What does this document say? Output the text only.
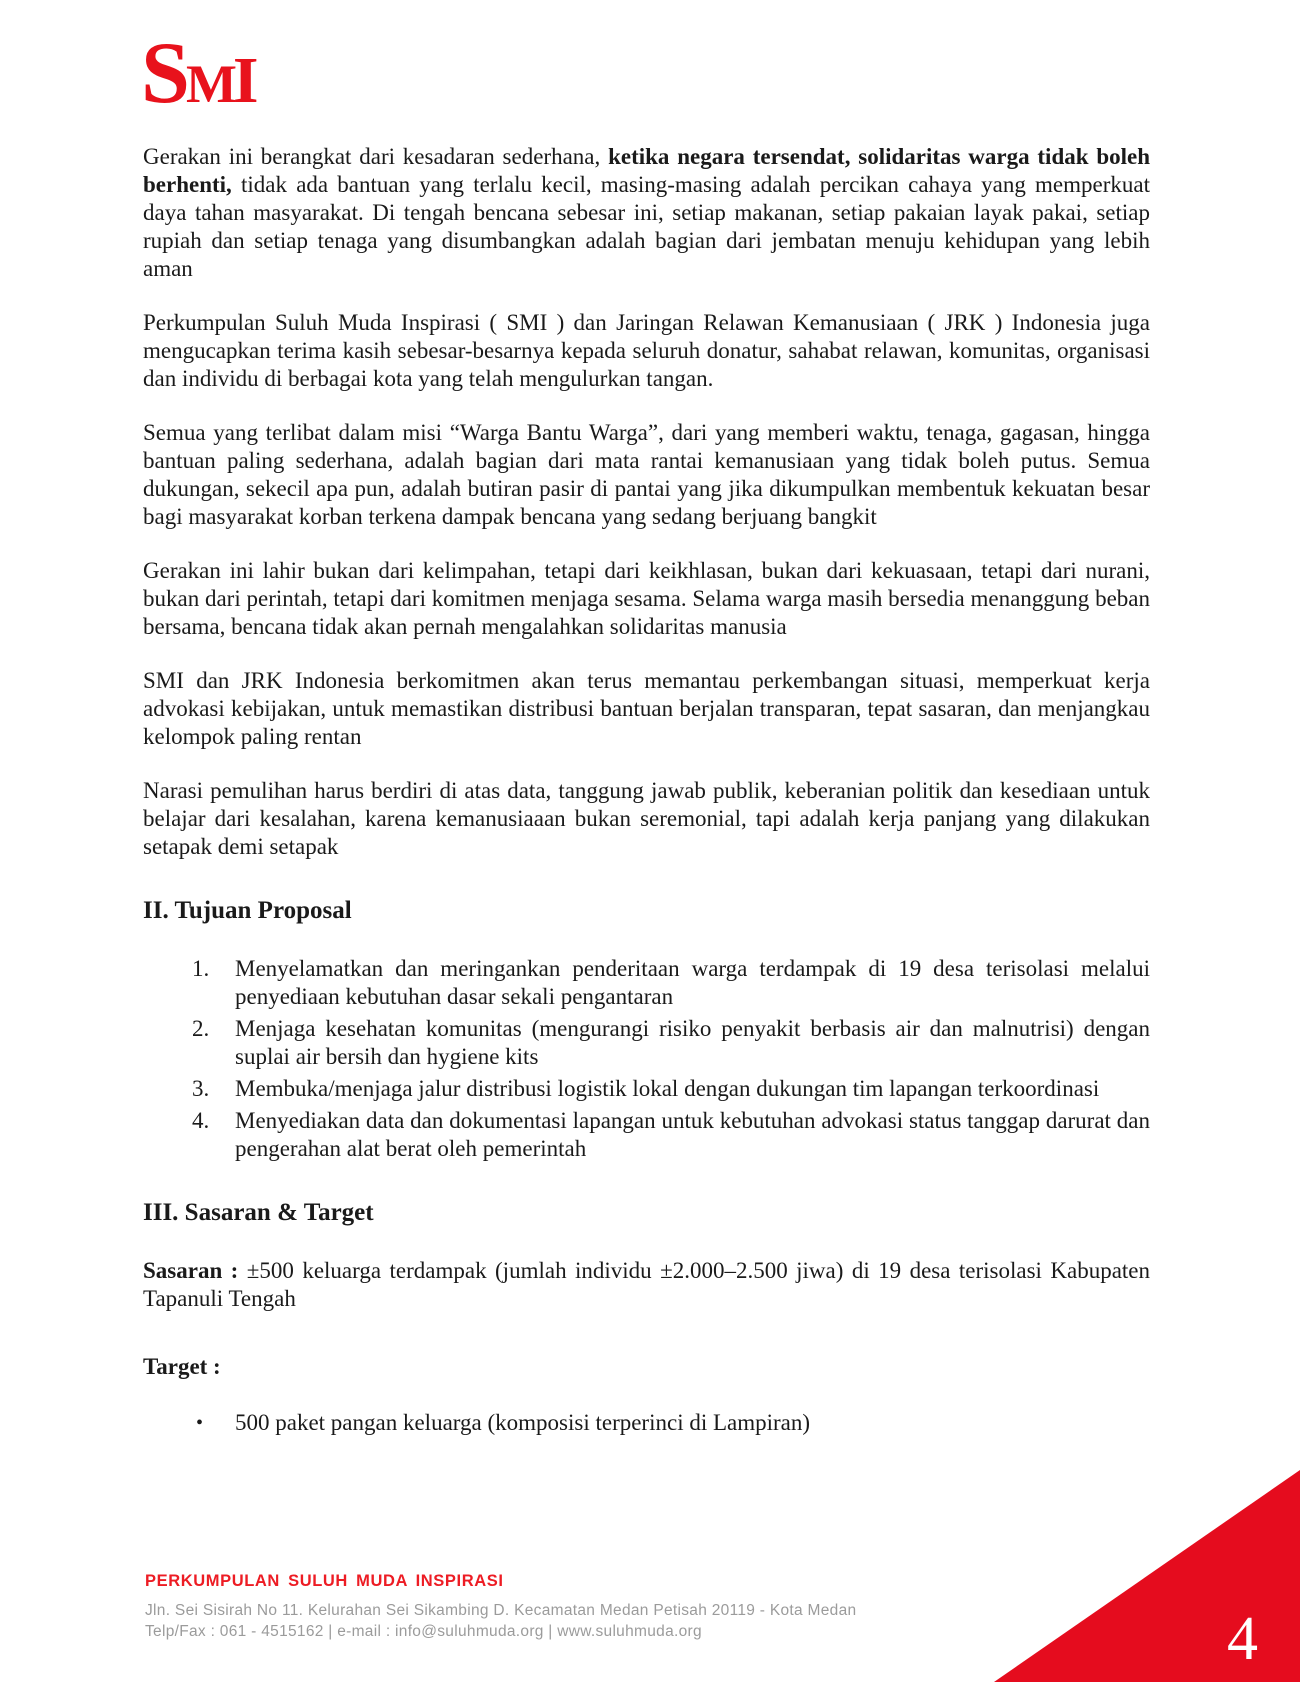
S M I

Gerakan ini berangkat dari kesadaran sederhana, ketika negara tersendat, solidaritas warga tidak boleh berhenti, tidak ada bantuan yang terlalu kecil, masing-masing adalah percikan cahaya yang memperkuat daya tahan masyarakat. Di tengah bencana sebesar ini, setiap makanan, setiap pakaian layak pakai, setiap rupiah dan setiap tenaga yang disumbangkan adalah bagian dari jembatan menuju kehidupan yang lebih aman

Perkumpulan Suluh Muda Inspirasi ( SMI ) dan Jaringan Relawan Kemanusiaan ( JRK ) Indonesia juga mengucapkan terima kasih sebesar-besarnya kepada seluruh donatur, sahabat relawan, komunitas, organisasi dan individu di berbagai kota yang telah mengulurkan tangan.

Semua yang terlibat dalam misi “Warga Bantu Warga”, dari yang memberi waktu, tenaga, gagasan, hingga bantuan paling sederhana, adalah bagian dari mata rantai kemanusiaan yang tidak boleh putus. Semua dukungan, sekecil apa pun, adalah butiran pasir di pantai yang jika dikumpulkan membentuk kekuatan besar bagi masyarakat korban terkena dampak bencana yang sedang berjuang bangkit

Gerakan ini lahir bukan dari kelimpahan, tetapi dari keikhlasan, bukan dari kekuasaan, tetapi dari nurani, bukan dari perintah, tetapi dari komitmen menjaga sesama. Selama warga masih bersedia menanggung beban bersama, bencana tidak akan pernah mengalahkan solidaritas manusia

SMI dan JRK Indonesia berkomitmen akan terus memantau perkembangan situasi, memperkuat kerja advokasi kebijakan, untuk memastikan distribusi bantuan berjalan transparan, tepat sasaran, dan menjangkau kelompok paling rentan

Narasi pemulihan harus berdiri di atas data, tanggung jawab publik, keberanian politik dan kesediaan untuk belajar dari kesalahan, karena kemanusiaaan bukan seremonial, tapi adalah kerja panjang yang dilakukan setapak demi setapak

II. Tujuan Proposal
1.	Menyelamatkan dan meringankan penderitaan warga terdampak di 19 desa terisolasi melalui penyediaan kebutuhan dasar sekali pengantaran
2.	Menjaga kesehatan komunitas (mengurangi risiko penyakit berbasis air dan malnutrisi) dengan suplai air bersih dan hygiene kits
3.	Membuka/menjaga jalur distribusi logistik lokal dengan dukungan tim lapangan terkoordinasi
4.	Menyediakan data dan dokumentasi lapangan untuk kebutuhan advokasi status tanggap darurat dan pengerahan alat berat oleh pemerintah
III. Sasaran & Target

Sasaran : ±500 keluarga terdampak (jumlah individu ±2.000–2.500 jiwa) di 19 desa terisolasi Kabupaten Tapanuli Tengah

Target :

•	500 paket pangan keluarga (komposisi terperinci di Lampiran)
PERKUMPULAN SULUH MUDA INSPIRASI
Jln. Sei Sisirah No 11. Kelurahan Sei Sikambing D. Kecamatan Medan Petisah 20119 - Kota Medan
Telp/Fax : 061 - 4515162 | e-mail : info@suluhmuda.org | www.suluhmuda.org	4
